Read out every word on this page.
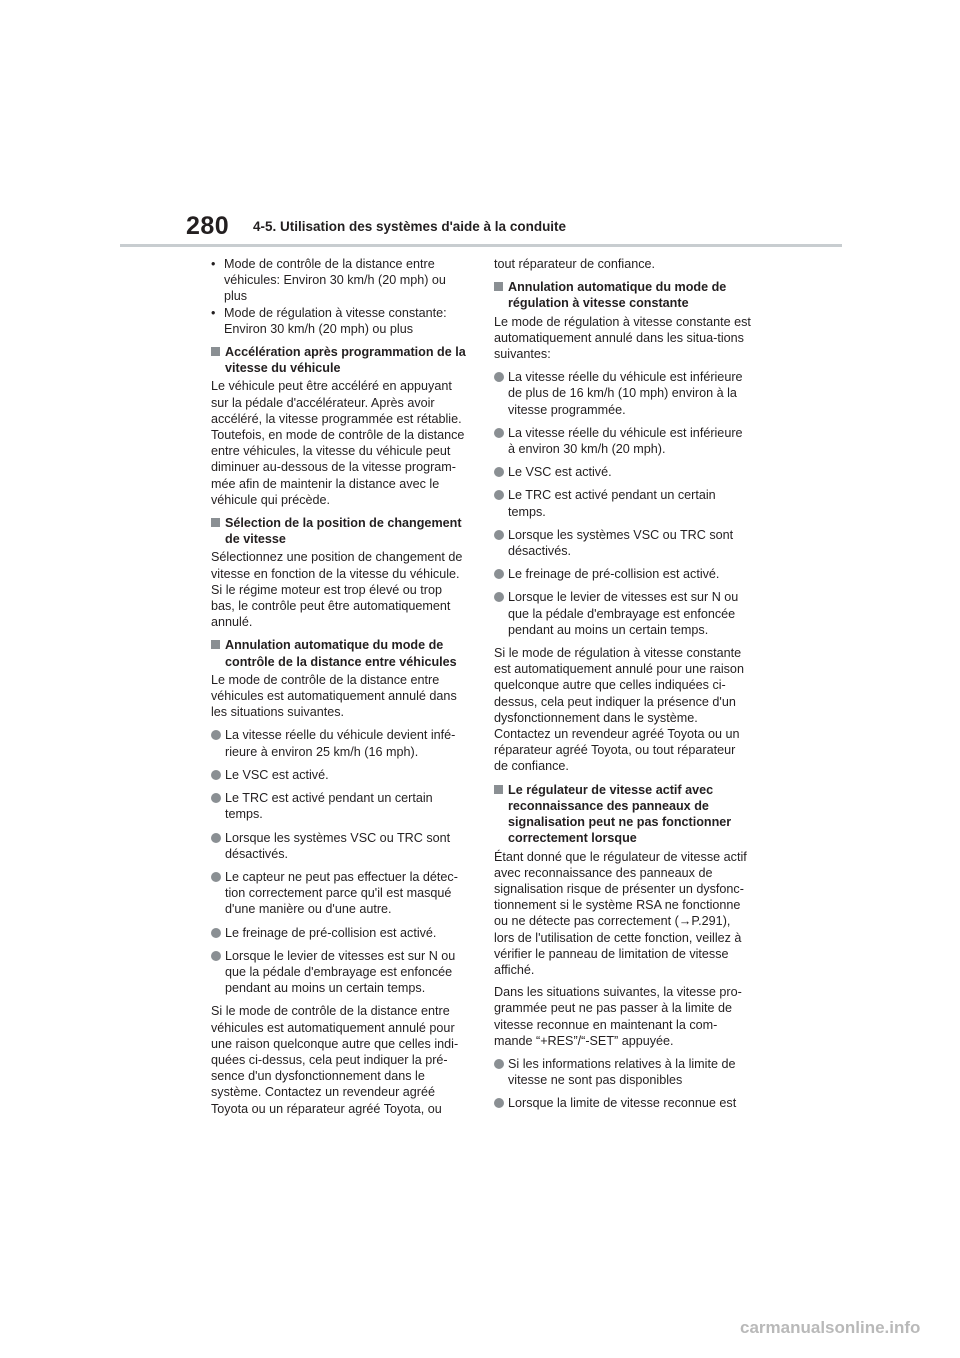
280 4-5. Utilisation des systèmes d'aide à la conduite
• Mode de contrôle de la distance entre véhicules: Environ 30 km/h (20 mph) ou plus
• Mode de régulation à vitesse constante: Environ 30 km/h (20 mph) ou plus
Accélération après programmation de la vitesse du véhicule

Le véhicule peut être accéléré en appuyant sur la pédale d'accélérateur. Après avoir accéléré, la vitesse programmée est rétablie. Toutefois, en mode de contrôle de la distance entre véhicules, la vitesse du véhicule peut diminuer au-dessous de la vitesse program-mée afin de maintenir la distance avec le véhicule qui précède.

Sélection de la position de changement de vitesse

Sélectionnez une position de changement de vitesse en fonction de la vitesse du véhicule. Si le régime moteur est trop élevé ou trop bas, le contrôle peut être automatiquement annulé.

Annulation automatique du mode de contrôle de la distance entre véhicules

Le mode de contrôle de la distance entre véhicules est automatiquement annulé dans les situations suivantes.

La vitesse réelle du véhicule devient infé-rieure à environ 25 km/h (16 mph).
Le VSC est activé.
Le TRC est activé pendant un certain temps.
Lorsque les systèmes VSC ou TRC sont désactivés.
Le capteur ne peut pas effectuer la détec-tion correctement parce qu'il est masqué d'une manière ou d'une autre.
Le freinage de pré-collision est activé.
Lorsque le levier de vitesses est sur N ou que la pédale d'embrayage est enfoncée pendant au moins un certain temps.

Si le mode de contrôle de la distance entre véhicules est automatiquement annulé pour une raison quelconque autre que celles indi-quées ci-dessus, cela peut indiquer la pré-sence d'un dysfonctionnement dans le système. Contactez un revendeur agréé Toyota ou un réparateur agréé Toyota, ou

tout réparateur de confiance.

Annulation automatique du mode de régulation à vitesse constante

Le mode de régulation à vitesse constante est automatiquement annulé dans les situa-tions suivantes:

La vitesse réelle du véhicule est inférieure de plus de 16 km/h (10 mph) environ à la vitesse programmée.
La vitesse réelle du véhicule est inférieure à environ 30 km/h (20 mph).
Le VSC est activé.
Le TRC est activé pendant un certain temps.
Lorsque les systèmes VSC ou TRC sont désactivés.
Le freinage de pré-collision est activé.
Lorsque le levier de vitesses est sur N ou que la pédale d'embrayage est enfoncée pendant au moins un certain temps.

Si le mode de régulation à vitesse constante est automatiquement annulé pour une raison quelconque autre que celles indiquées ci-dessus, cela peut indiquer la présence d'un dysfonctionnement dans le système. Contactez un revendeur agréé Toyota ou un réparateur agréé Toyota, ou tout réparateur de confiance.

Le régulateur de vitesse actif avec reconnaissance des panneaux de signalisation peut ne pas fonctionner correctement lorsque

Étant donné que le régulateur de vitesse actif avec reconnaissance des panneaux de signalisation risque de présenter un dysfonc-tionnement si le système RSA ne fonctionne ou ne détecte pas correctement (→P.291), lors de l'utilisation de cette fonction, veillez à vérifier le panneau de limitation de vitesse affiché.

Dans les situations suivantes, la vitesse pro-grammée peut ne pas passer à la limite de vitesse reconnue en maintenant la com-mande “+RES”/“-SET” appuyée.

Si les informations relatives à la limite de vitesse ne sont pas disponibles
Lorsque la limite de vitesse reconnue est
carmanualsonline.info
